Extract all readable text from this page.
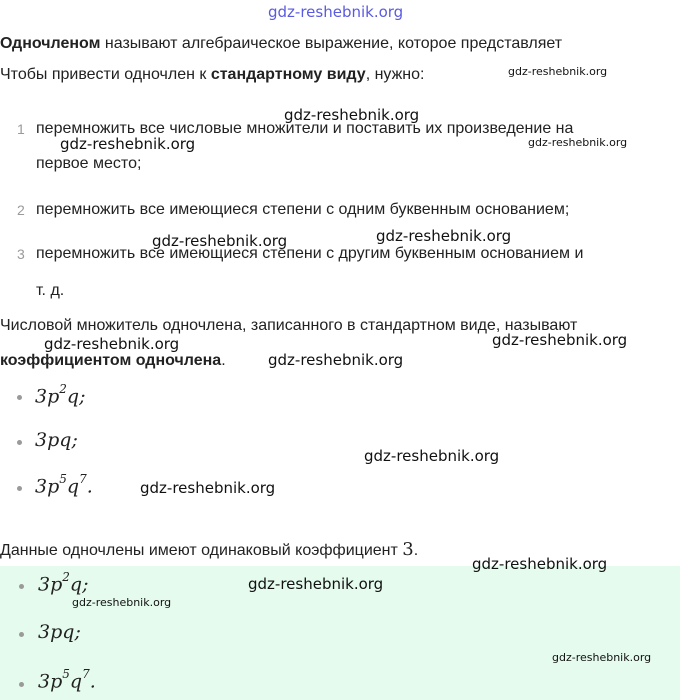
gdz-reshebnik.org
Одночленом называют алгебраическое выражение, которое представляет
Чтобы привести одночлен к стандартному виду, нужно:
1 перемножить все числовые множители и поставить их произведение на
первое место;
2 перемножить все имеющиеся степени с одним буквенным основанием;
3 перемножить все имеющиеся степени с другим буквенным основанием и
т. д.
Числовой множитель одночлена, записанного в стандартном виде, называют
коэффициентом одночлена.
$3p^2q$;
3pq;
$3p^5q^7$.
Данные одночлены имеют одинаковый коэффициент 3.
$3p^2q$;
3pq;
$3p^5q^7$.
gdz-reshebnik.org
gdz-reshebnik.org
gdz-reshebnik.org	gdz-reshebnik.org
gdz-reshebnik.org
gdz-reshebnik.org
gdz-reshebnik.org	gdz-reshebnik.org
gdz-reshebnik.org
gdz-reshebnik.org
gdz-reshebnik.org
gdz-reshebnik.org
gdz-reshebnik.org
gdz-reshebnik.org
gdz-reshebnik.org
